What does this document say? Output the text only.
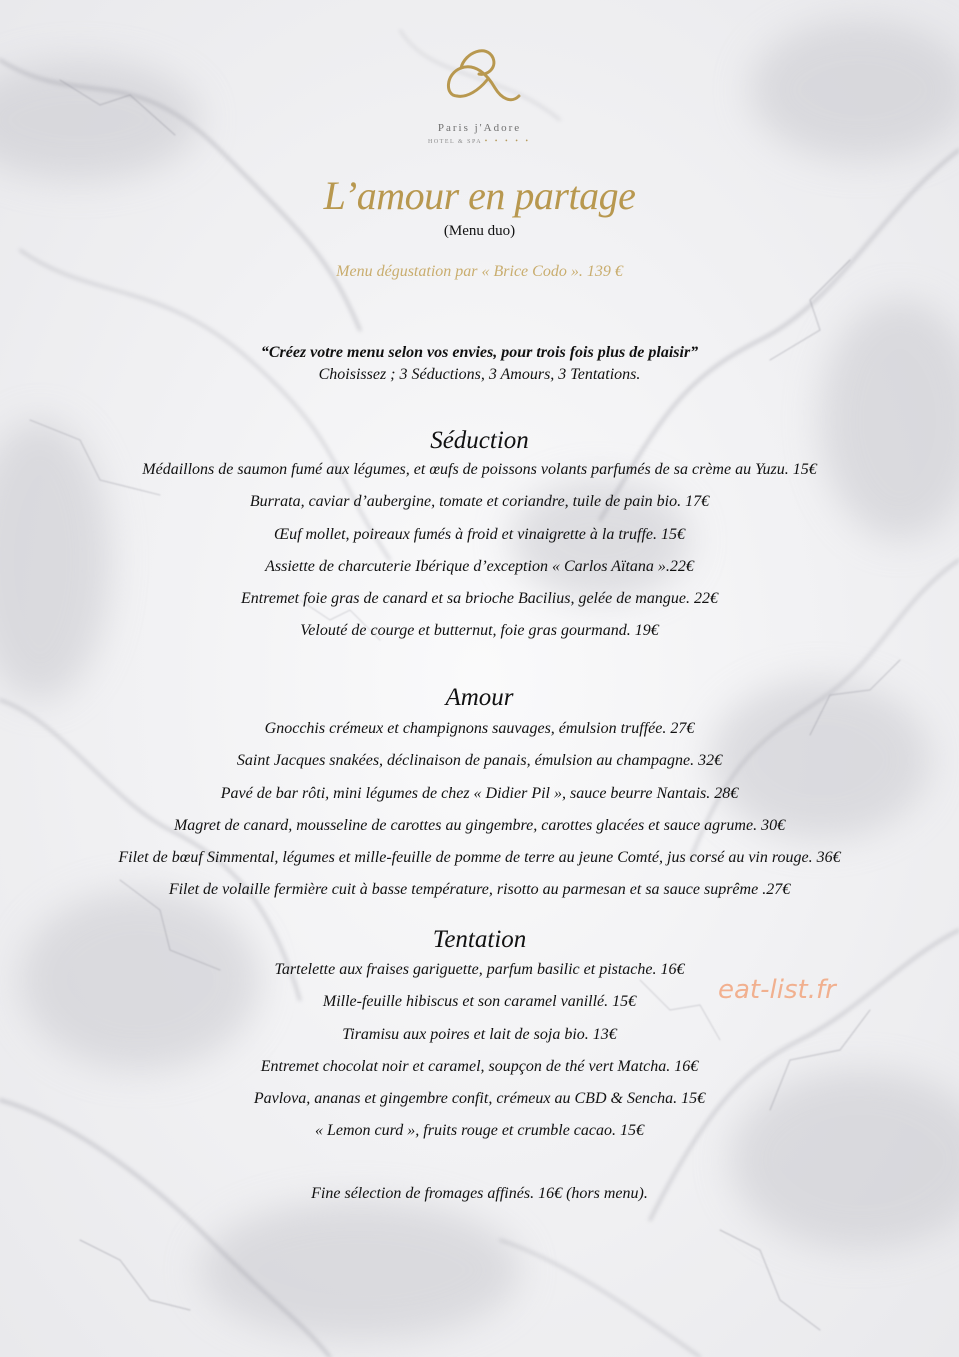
Paris j'Adore
HOTEL & SPA • • • • •
L’amour en partage
(Menu duo)
Menu dégustation par « Brice Codo ». 139 €
“Créez votre menu selon vos envies, pour trois fois plus de plaisir”
Choisissez ; 3 Séductions, 3 Amours, 3 Tentations.
Séduction
Médaillons de saumon fumé aux légumes, et œufs de poissons volants parfumés de sa crème au Yuzu. 15€
Burrata, caviar d’aubergine, tomate et coriandre, tuile de pain bio. 17€
Œuf mollet, poireaux fumés à froid et vinaigrette à la truffe. 15€
Assiette de charcuterie Ibérique d’exception « Carlos Aïtana ».22€
Entremet foie gras de canard et sa brioche Bacilius, gelée de mangue. 22€
Velouté de courge et butternut, foie gras gourmand. 19€
Amour
Gnocchis crémeux et champignons sauvages, émulsion truffée. 27€
Saint Jacques snakées, déclinaison de panais, émulsion au champagne. 32€
Pavé de bar rôti, mini légumes de chez « Didier Pil », sauce beurre Nantais. 28€
Magret de canard, mousseline de carottes au gingembre, carottes glacées et sauce agrume. 30€
Filet de bœuf Simmental, légumes et mille-feuille de pomme de terre au jeune Comté, jus corsé au vin rouge. 36€
Filet de volaille fermière cuit à basse température, risotto au parmesan et sa sauce suprême .27€
Tentation
Tartelette aux fraises gariguette, parfum basilic et pistache. 16€
Mille-feuille hibiscus et son caramel vanillé. 15€
Tiramisu aux poires et lait de soja bio. 13€
Entremet chocolat noir et caramel, soupçon de thé vert Matcha. 16€
Pavlova, ananas et gingembre confit, crémeux au CBD & Sencha. 15€
« Lemon curd », fruits rouge et crumble cacao. 15€
Fine sélection de fromages affinés. 16€ (hors menu).
eat-list.fr
